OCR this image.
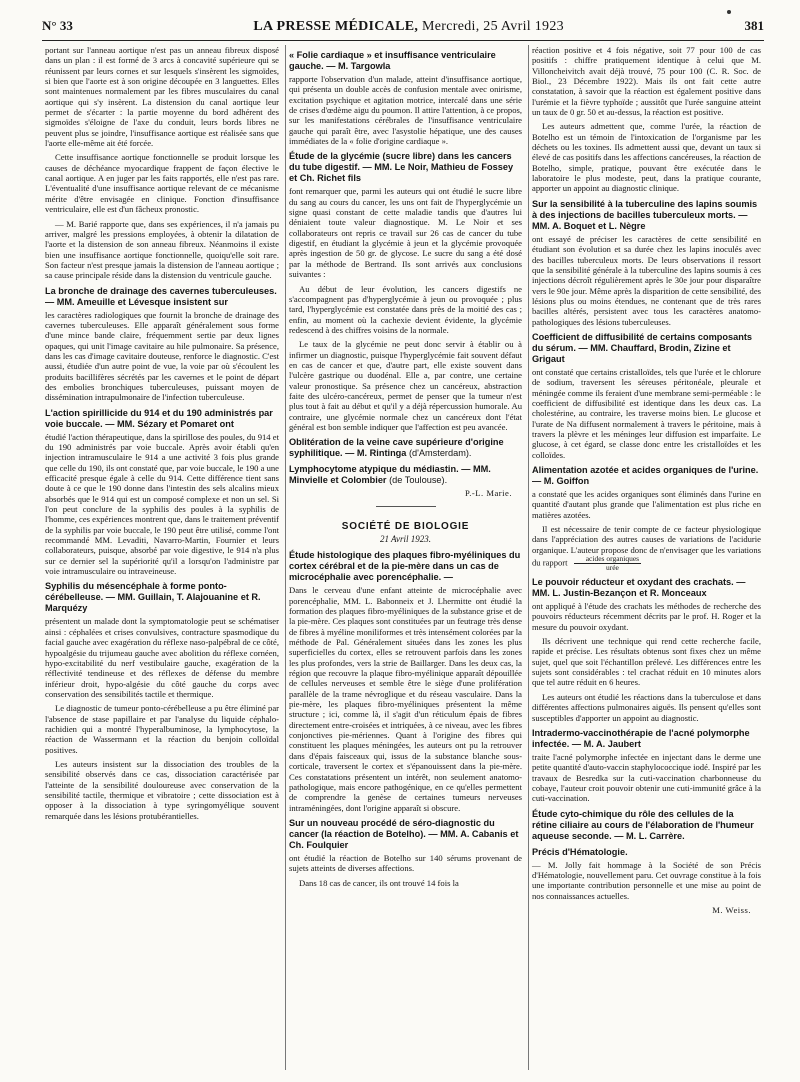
N° 33	LA PRESSE MÉDICALE, Mercredi, 25 Avril 1923	381

portant sur l'anneau aortique n'est pas un anneau fibreux disposé dans un plan : il est formé de 3 arcs à concavité supérieure qui se réunissent par leurs cornes et sur lesquels s'insèrent les sigmoïdes, si bien que l'aorte est à son origine découpée en 3 languettes. Elles sont maintenues normalement par les fibres musculaires du canal aortique qui s'y insèrent. La distension du canal aortique leur permet de s'écarter : la partie moyenne du bord adhérent des sigmoïdes s'éloigne de l'axe du conduit, leurs bords libres ne peuvent plus se joindre, l'insuffisance aortique est réalisée sans que l'aorte elle-même ait été forcée.

Cette insuffisance aortique fonctionnelle se produit lorsque les causes de déchéance myocardique frappent de façon élective le canal aortique. A en juger par les faits rapportés, elle n'est pas rare. L'éventualité d'une insuffisance aortique relevant de ce mécanisme mérite d'être envisagée en clinique. Fonction d'insuffisance ventriculaire, elle est d'un fâcheux pronostic.

— M. Barié rapporte que, dans ses expériences, il n'a jamais pu arriver, malgré les pressions employées, à obtenir la dilatation de l'aorte et la distension de son anneau fibreux. Néanmoins il existe bien une insuffisance aortique fonctionnelle, quoiqu'elle soit rare. Son facteur n'est presque jamais la distension de l'anneau aortique ; sa cause principale réside dans la distension du ventricule gauche.

La bronche de drainage des cavernes tuberculeuses. — MM. Ameuille et Lévesque insistent sur

les caractères radiologiques que fournit la bronche de drainage des cavernes tuberculeuses. Elle apparaît généralement sous forme d'une mince bande claire, fréquemment sertie par deux lignes opaques, qui unit l'image cavitaire au hile pulmonaire. Sa présence, dans les cas d'image cavitaire douteuse, renforce le diagnostic. C'est aussi, étudiée d'un autre point de vue, la voie par où s'écoulent les produits bacillifères sécrétés par les cavernes et le point de départ des embolies bronchiques tuberculeuses, puissant moyen de dissémination intrapulmonaire de l'infection tuberculeuse.

L'action spirillicide du 914 et du 190 administrés par voie buccale. — MM. Sézary et Pomaret ont

étudié l'action thérapeutique, dans la spirillose des poules, du 914 et du 190 administrés par voie buccale. Après avoir établi qu'en injection intramusculaire le 914 a une activité 3 fois plus grande que celle du 190, ils ont constaté que, par voie buccale, le 190 a une efficacité presque égale à celle du 914. Cette différence tient sans doute à ce que le 190 donne dans l'intestin des sels alcalins mieux absorbés que le 914 qui est un composé complexe et non un sel. Si l'on peut conclure de la syphilis des poules à la syphilis de l'homme, ces expériences montrent que, dans le traitement préventif de la syphilis par voie buccale, le 190 peut être utilisé, comme l'ont recommandé MM. Levaditi, Navarro-Martin, Fournier et leurs collaborateurs, puisque, absorbé par voie digestive, le 914 n'a plus sur ce dernier sel la supériorité qu'il a lorsqu'on l'administre par voie intramusculaire ou intraveineuse.

Syphilis du mésencéphale à forme ponto-cérébelleuse. — MM. Guillain, T. Alajouanine et R. Marquézy

présentent un malade dont la symptomatologie peut se schématiser ainsi : céphalées et crises convulsives, contracture spasmodique du facial gauche avec exagération du réflexe naso-palpébral de ce côté, hypoalgésie du trijumeau gauche avec abolition du réflexe cornéen, hypo-excitabilité du nerf vestibulaire gauche, exagération de la réflectivité tendineuse et des réflexes de défense du membre inférieur droit, hypo-algésie du côté gauche du corps avec conservation des sensibilités tactile et thermique.

Le diagnostic de tumeur ponto-cérébelleuse a pu être éliminé par l'absence de stase papillaire et par l'analyse du liquide céphalo-rachidien qui a montré l'hyperalbuminose, la lymphocytose, la réaction de Wassermann et la réaction du benjoin colloïdal positives.

Les auteurs insistent sur la dissociation des troubles de la sensibilité observés dans ce cas, dissociation caractérisée par l'atteinte de la sensibilité douloureuse avec conservation de la sensibilité tactile, thermique et vibratoire ; cette dissociation est à opposer à la dissociation à type syringomyélique souvent remarquée dans les lésions protubérantielles.

« Folie cardiaque » et insuffisance ventriculaire gauche. — M. Targowla

rapporte l'observation d'un malade, atteint d'insuffisance aortique, qui présenta un double accès de confusion mentale avec onirisme, excitation psychique et agitation motrice, intercalé dans une série de crises d'œdème aigu du poumon. Il attire l'attention, à ce propos, sur les manifestations cérébrales de l'insuffisance ventriculaire gauche qui paraît être, avec l'asystolie hépatique, une des causes immédiates de la « folie d'origine cardiaque ».

Étude de la glycémie (sucre libre) dans les cancers du tube digestif. — MM. Le Noir, Mathieu de Fossey et Ch. Richet fils

font remarquer que, parmi les auteurs qui ont étudié le sucre libre du sang au cours du cancer, les uns ont fait de l'hyperglycémie un signe quasi constant de cette maladie tandis que d'autres lui déniaient toute valeur diagnostique. M. Le Noir et ses collaborateurs ont repris ce travail sur 26 cas de cancer du tube digestif, en étudiant la glycémie à jeun et la glycémie provoquée après ingestion de 50 gr. de glycose. Le sucre du sang a été dosé par la méthode de Bertrand. Ils sont arrivés aux conclusions suivantes :

Au début de leur évolution, les cancers digestifs ne s'accompagnent pas d'hyperglycémie à jeun ou provoquée ; plus tard, l'hyperglycémie est constatée dans près de la moitié des cas ; enfin, au moment où la cachexie devient évidente, la glycémie redescend à des chiffres voisins de la normale.

Le taux de la glycémie ne peut donc servir à établir ou à infirmer un diagnostic, puisque l'hyperglycémie fait souvent défaut en cas de cancer et que, d'autre part, elle existe souvent dans l'ulcère gastrique ou duodénal. Elle a, par contre, une certaine valeur pronostique. Sa présence chez un cancéreux, abstraction faite des ulcéro-cancéreux, permet de penser que la tumeur n'est plus tout à fait au début et qu'il y a déjà répercussion humorale. Au contraire, une glycémie normale chez un cancéreux dont l'état général est bon semble indiquer que l'affection est peu avancée.

Oblitération de la veine cave supérieure d'origine syphilitique. — M. Rintinga (d'Amsterdam).
Lymphocytome atypique du médiastin. — MM. Minvielle et Colombier (de Toulouse).
P.-L. Marie.
SOCIÉTÉ DE BIOLOGIE
21 Avril 1923.
Étude histologique des plaques fibro-myéliniques du cortex cérébral et de la pie-mère dans un cas de microcéphalie avec porencéphalie. —

Dans le cerveau d'une enfant atteinte de microcéphalie avec porencéphalie, MM. L. Babonneix et J. Lhermitte ont étudié la formation des plaques fibro-myéliniques de la substance grise et de la pie-mère. Ces plaques sont constituées par un feutrage très dense de fibres à myéline moniliformes et très intensément colorées par la méthode de Pal. Généralement situées dans les zones les plus superficielles du cortex, elles se retrouvent parfois dans les zones les plus profondes, vers la strie de Baillarger. Dans les deux cas, la région que recouvre la plaque fibro-myélinique apparaît dépouillée de cellules nerveuses et semble être le siège d'une prolifération parallèle de la trame névroglique et du réseau vasculaire. Dans la pie-mère, les plaques fibro-myéliniques présentent la même structure ; ici, comme là, il s'agit d'un réticulum épais de fibres directement entre-croisées et intriquées, à ce niveau, avec les fibres conjonctives pie-mériennes. Quant à l'origine des fibres qui constituent les plaques méningées, les auteurs ont pu la retrouver dans d'épais faisceaux qui, issus de la substance blanche sous-corticale, traversent le cortex et s'épanouissent dans la pie-mère. Ces constatations présentent un intérêt, non seulement anatomo-pathologique, mais encore pathogénique, en ce qu'elles permettent de comprendre la genèse de certaines tumeurs nerveuses intraméningées, dont l'origine apparaît si obscure.

Sur un nouveau procédé de séro-diagnostic du cancer (la réaction de Botelho). — MM. A. Cabanis et Ch. Foulquier

ont étudié la réaction de Botelho sur 140 sérums provenant de sujets atteints de diverses affections.

Dans 18 cas de cancer, ils ont trouvé 14 fois la

réaction positive et 4 fois négative, soit 77 pour 100 de cas positifs : chiffre pratiquement identique à celui que M. Villoncheivitch avait déjà trouvé, 75 pour 100 (C. R. Soc. de Biol., 23 Décembre 1922). Mais ils ont fait cette autre constatation, à savoir que la réaction est également positive dans l'urémie et la fièvre typhoïde ; aussitôt que l'urée sanguine atteint un taux de 0 gr. 50 et au-dessus, la réaction est positive.

Les auteurs admettent que, comme l'urée, la réaction de Botelho est un témoin de l'intoxication de l'organisme par les déchets ou les toxines. Ils admettent aussi que, devant un taux si élevé de cas positifs dans les affections cancéreuses, la réaction de Botelho, simple, pratique, pouvant être exécutée dans le laboratoire le plus modeste, peut, dans la pratique courante, apporter un appoint au diagnostic clinique.

Sur la sensibilité à la tuberculine des lapins soumis à des injections de bacilles tuberculeux morts. — MM. A. Boquet et L. Nègre

ont essayé de préciser les caractères de cette sensibilité en étudiant son évolution et sa durée chez les lapins inoculés avec des bacilles tuberculeux morts. De leurs observations il ressort que la sensibilité générale à la tuberculine des lapins soumis à ces injections décroît régulièrement après le 30e jour pour disparaître vers le 90e jour. Même après la disparition de cette sensibilité, des lésions plus ou moins étendues, ne contenant que de très rares bacilles altérés, persistent avec tous les caractères anatomo-pathologiques des lésions tuberculeuses.

Coefficient de diffusibilité de certains composants du sérum. — MM. Chauffard, Brodin, Zizine et Grigaut

ont constaté que certains cristalloïdes, tels que l'urée et le chlorure de sodium, traversent les séreuses péritonéale, pleurale et méningée comme ils feraient d'une membrane semi-perméable : le coefficient de diffusibilité est identique dans les deux cas. La cholestérine, au contraire, les traverse moins bien. Le glucose et l'urate de Na diffusent normalement à travers le péritoine, mais à travers la plèvre et les méninges leur diffusion est imparfaite. Le glucose, à cet égard, se classe donc entre les cristalloïdes et les colloïdes.

Alimentation azotée et acides organiques de l'urine. — M. Goiffon

a constaté que les acides organiques sont éliminés dans l'urine en quantité d'autant plus grande que l'alimentation est plus riche en matières azotées.

Il est nécessaire de tenir compte de ce facteur physiologique dans l'appréciation des autres causes de variations de l'acidurie organique. L'auteur propose donc de n'envisager que les variations du rapport	acides organiques
urée

Le pouvoir réducteur et oxydant des crachats. — MM. L. Justin-Bezançon et R. Monceaux

ont appliqué à l'étude des crachats les méthodes de recherche des pouvoirs réducteurs récemment décrits par le prof. H. Roger et la mesure du pouvoir oxydant.

Ils décrivent une technique qui rend cette recherche facile, rapide et précise. Les résultats obtenus sont fixes chez un même sujet, quel que soit l'échantillon prélevé. Les différences entre les sujets sont considérables : tel crachat réduit en 10 minutes alors que tel autre réduit en 6 heures.

Les auteurs ont étudié les réactions dans la tuberculose et dans différentes affections pulmonaires aiguës. Ils pensent qu'elles sont susceptibles d'apporter un appoint au diagnostic.

Intradermo-vaccinothérapie de l'acné polymorphe infectée. — M. A. Jaubert

traite l'acné polymorphe infectée en injectant dans le derme une petite quantité d'auto-vaccin staphylococcique iodé. Inspiré par les travaux de Besredka sur la cuti-vaccination charbonneuse du cobaye, l'auteur croit pouvoir obtenir une cuti-immunité grâce à la cuti-vaccination.

Étude cyto-chimique du rôle des cellules de la rétine ciliaire au cours de l'élaboration de l'humeur aqueuse seconde. — M. L. Carrère.
Précis d'Hématologie.

— M. Jolly fait hommage à la Société de son Précis d'Hématologie, nouvellement paru. Cet ouvrage constitue à la fois une importante contribution personnelle et une mise au point de nos connaissances actuelles.

M. Weiss.
